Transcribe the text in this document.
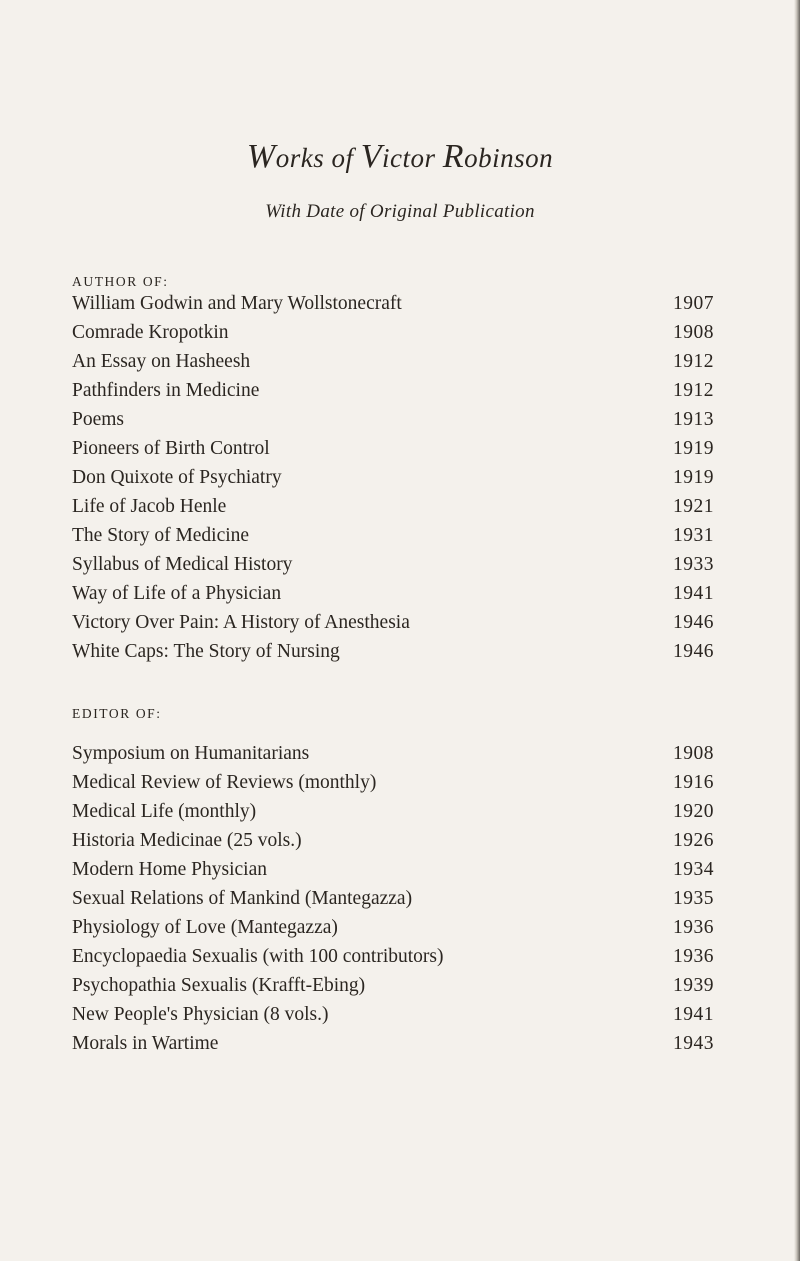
Works of Victor Robinson

With Date of Original Publication

AUTHOR OF:
William Godwin and Mary Wollstonecraft	1907
Comrade Kropotkin	1908
An Essay on Hasheesh	1912
Pathfinders in Medicine	1912
Poems	1913
Pioneers of Birth Control	1919
Don Quixote of Psychiatry	1919
Life of Jacob Henle	1921
The Story of Medicine	1931
Syllabus of Medical History	1933
Way of Life of a Physician	1941
Victory Over Pain: A History of Anesthesia	1946
White Caps: The Story of Nursing	1946
EDITOR OF:
Symposium on Humanitarians	1908
Medical Review of Reviews (monthly)	1916
Medical Life (monthly)	1920
Historia Medicinae (25 vols.)	1926
Modern Home Physician	1934
Sexual Relations of Mankind (Mantegazza)	1935
Physiology of Love (Mantegazza)	1936
Encyclopaedia Sexualis (with 100 contributors)	1936
Psychopathia Sexualis (Krafft-Ebing)	1939
New People's Physician (8 vols.)	1941
Morals in Wartime	1943
